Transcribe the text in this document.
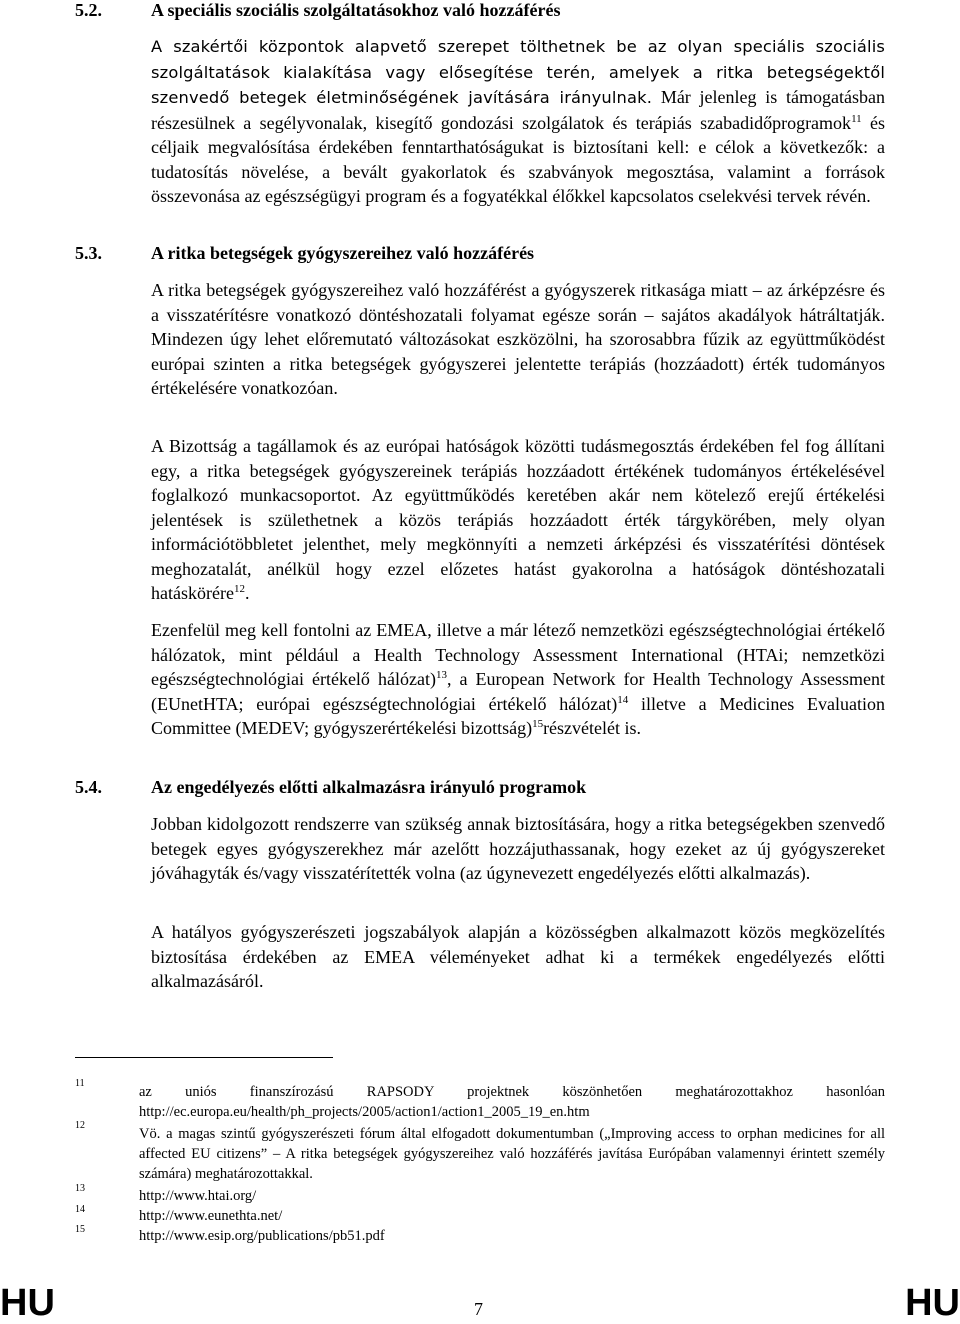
5.2.	A speciális szociális szolgáltatásokhoz való hozzáférés
A szakértői központok alapvető szerepet tölthetnek be az olyan speciális szociális szolgáltatások kialakítása vagy elősegítése terén, amelyek a ritka betegségektől szenvedő betegek életminőségének javítására irányulnak. Már jelenleg is támogatásban részesülnek a segélyvonalak, kisegítő gondozási szolgálatok és terápiás szabadidőprogramok$^{11}$ és céljaik megvalósítása érdekében fenntarthatóságukat is biztosítani kell: e célok a következők: a tudatosítás növelése, a bevált gyakorlatok és szabványok megosztása, valamint a források összevonása az egészségügyi program és a fogyatékkal élőkkel kapcsolatos cselekvési tervek révén.
5.3.	A ritka betegségek gyógyszereihez való hozzáférés
A ritka betegségek gyógyszereihez való hozzáférést a gyógyszerek ritkasága miatt – az árképzésre és a visszatérítésre vonatkozó döntéshozatali folyamat egésze során – sajátos akadályok hátráltatják. Mindezen úgy lehet előremutató változásokat eszközölni, ha szorosabbra fűzik az együttműködést európai szinten a ritka betegségek gyógyszerei jelentette terápiás (hozzáadott) érték tudományos értékelésére vonatkozóan.
A Bizottság a tagállamok és az európai hatóságok közötti tudásmegosztás érdekében fel fog állítani egy, a ritka betegségek gyógyszereinek terápiás hozzáadott értékének tudományos értékelésével foglalkozó munkacsoportot. Az együttműködés keretében akár nem kötelező erejű értékelési jelentések is születhetnek a közös terápiás hozzáadott érték tárgykörében, mely olyan információtöbbletet jelenthet, mely megkönnyíti a nemzeti árképzési és visszatérítési döntések meghozatalát, anélkül hogy ezzel előzetes hatást gyakorolna a hatóságok döntéshozatali hatáskörére$^{12}$.
Ezenfelül meg kell fontolni az EMEA, illetve a már létező nemzetközi egészségtechnológiai értékelő hálózatok, mint például a Health Technology Assessment International (HTAi; nemzetközi egészségtechnológiai értékelő hálózat)$^{13}$, a European Network for Health Technology Assessment (EUnetHTA; európai egészségtechnológiai értékelő hálózat)$^{14}$ illetve a Medicines Evaluation Committee (MEDEV; gyógyszerértékelési bizottság)$^{15}$részvételét is.
5.4.	Az engedélyezés előtti alkalmazásra irányuló programok
Jobban kidolgozott rendszerre van szükség annak biztosítására, hogy a ritka betegségekben szenvedő betegek egyes gyógyszerekhez már azelőtt hozzájuthassanak, hogy ezeket az új gyógyszereket jóváhagyták és/vagy visszatérítették volna (az úgynevezett engedélyezés előtti alkalmazás).
A hatályos gyógyszerészeti jogszabályok alapján a közösségben alkalmazott közös megközelítés biztosítása érdekében az EMEA véleményeket adhat ki a termékek engedélyezés előtti alkalmazásáról.
11
az uniós finanszírozású RAPSODY projektnek köszönhetően meghatározottakhoz hasonlóan http://ec.europa.eu/health/ph_projects/2005/action1/action1_2005_19_en.htm
12
Vö. a magas szintű gyógyszerészeti fórum által elfogadott dokumentumban („Improving access to orphan medicines for all affected EU citizens” – A ritka betegségek gyógyszereihez való hozzáférés javítása Európában valamennyi érintett személy számára) meghatározottakkal.
13	http://www.htai.org/
14	http://www.eunethta.net/
15	http://www.esip.org/publications/pb51.pdf
HU	7	HU
